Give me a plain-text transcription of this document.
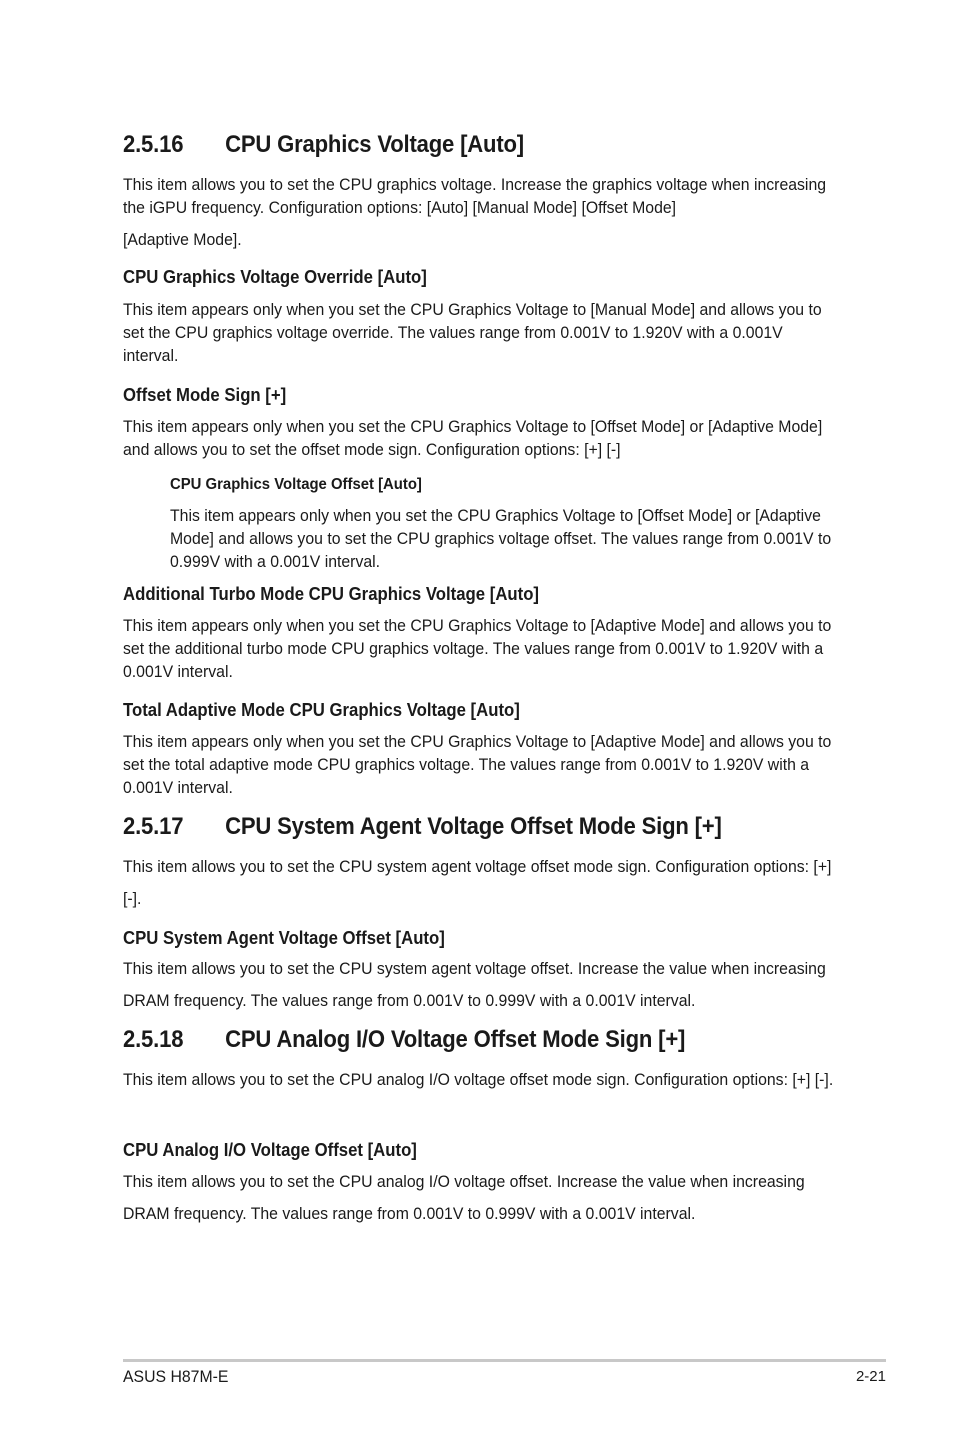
2.5.16 CPU Graphics Voltage [Auto]
This item allows you to set the CPU graphics voltage. Increase the graphics voltage when increasing the iGPU frequency. Configuration options: [Auto] [Manual Mode] [Offset Mode]
[Adaptive Mode].
CPU Graphics Voltage Override [Auto]
This item appears only when you set the CPU Graphics Voltage to [Manual Mode] and allows you to set the CPU graphics voltage override. The values range from 0.001V to 1.920V with a 0.001V interval.
Offset Mode Sign [+]
This item appears only when you set the CPU Graphics Voltage to [Offset Mode] or [Adaptive Mode] and allows you to set the offset mode sign. Configuration options: [+] [-]
CPU Graphics Voltage Offset [Auto]
This item appears only when you set the CPU Graphics Voltage to [Offset Mode] or [Adaptive Mode] and allows you to set the CPU graphics voltage offset. The values range from 0.001V to 0.999V with a 0.001V interval.
Additional Turbo Mode CPU Graphics Voltage [Auto]
This item appears only when you set the CPU Graphics Voltage to [Adaptive Mode] and allows you to set the additional turbo mode CPU graphics voltage. The values range from 0.001V to 1.920V with a 0.001V interval.
Total Adaptive Mode CPU Graphics Voltage [Auto]
This item appears only when you set the CPU Graphics Voltage to [Adaptive Mode] and allows you to set the total adaptive mode CPU graphics voltage. The values range from 0.001V to 1.920V with a 0.001V interval.
2.5.17 CPU System Agent Voltage Offset Mode Sign [+]
This item allows you to set the CPU system agent voltage offset mode sign. Configuration options: [+] [-].
CPU System Agent Voltage Offset [Auto]
This item allows you to set the CPU system agent voltage offset. Increase the value when increasing DRAM frequency. The values range from 0.001V to 0.999V with a 0.001V interval.
2.5.18 CPU Analog I/O Voltage Offset Mode Sign [+]
This item allows you to set the CPU analog I/O voltage offset mode sign. Configuration options: [+] [-].
CPU Analog I/O Voltage Offset [Auto]
This item allows you to set the CPU analog I/O voltage offset. Increase the value when increasing DRAM frequency. The values range from 0.001V to 0.999V with a 0.001V interval.
ASUS H87M-E	2-21
